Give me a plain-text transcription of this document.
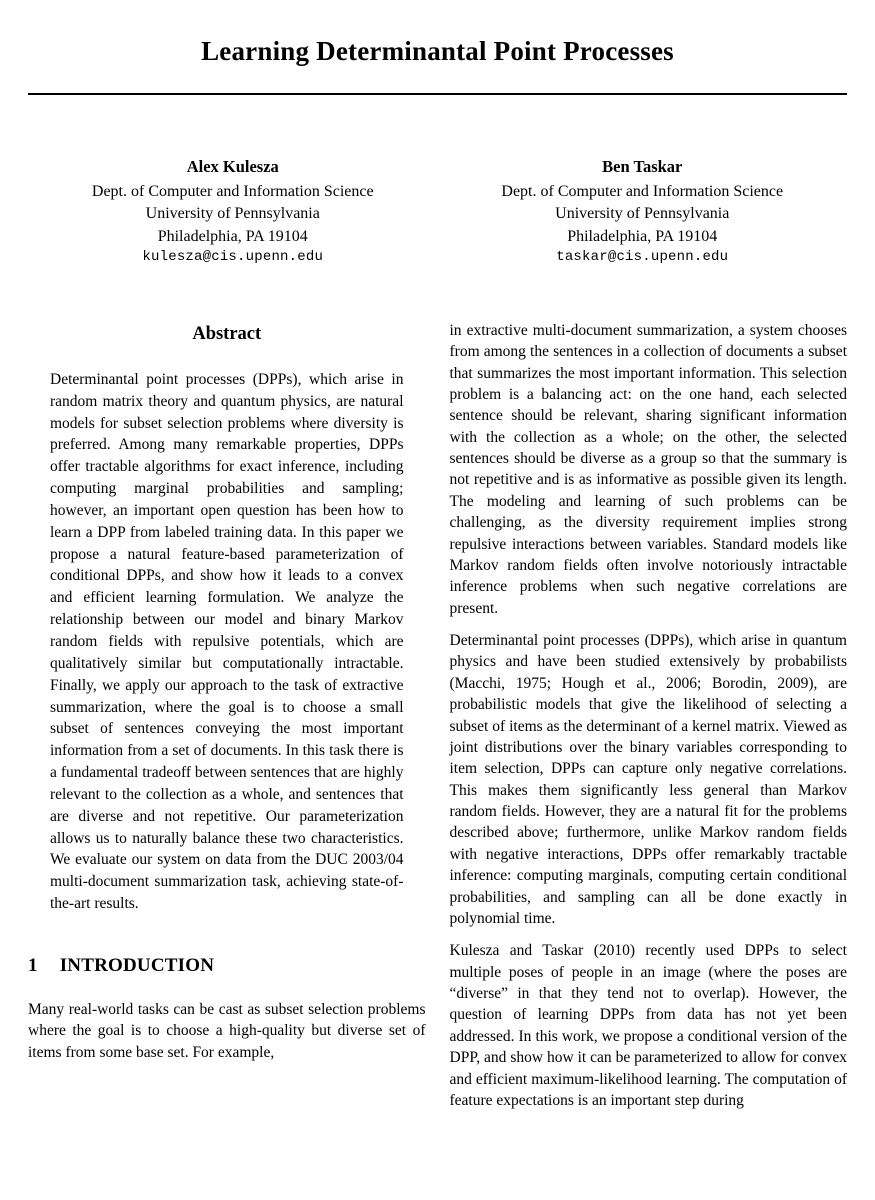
Learning Determinantal Point Processes
Alex Kulesza
Dept. of Computer and Information Science
University of Pennsylvania
Philadelphia, PA 19104
kulesza@cis.upenn.edu
Ben Taskar
Dept. of Computer and Information Science
University of Pennsylvania
Philadelphia, PA 19104
taskar@cis.upenn.edu
Abstract

Determinantal point processes (DPPs), which arise in random matrix theory and quantum physics, are natural models for subset selection problems where diversity is preferred. Among many remarkable properties, DPPs offer tractable algorithms for exact inference, including computing marginal probabilities and sampling; however, an important open question has been how to learn a DPP from labeled training data. In this paper we propose a natural feature-based parameterization of conditional DPPs, and show how it leads to a convex and efficient learning formulation. We analyze the relationship between our model and binary Markov random fields with repulsive potentials, which are qualitatively similar but computationally intractable. Finally, we apply our approach to the task of extractive summarization, where the goal is to choose a small subset of sentences conveying the most important information from a set of documents. In this task there is a fundamental tradeoff between sentences that are highly relevant to the collection as a whole, and sentences that are diverse and not repetitive. Our parameterization allows us to naturally balance these two characteristics. We evaluate our system on data from the DUC 2003/04 multi-document summarization task, achieving state-of-the-art results.

1 INTRODUCTION

Many real-world tasks can be cast as subset selection problems where the goal is to choose a high-quality but diverse set of items from some base set. For example,

in extractive multi-document summarization, a system chooses from among the sentences in a collection of documents a subset that summarizes the most important information. This selection problem is a balancing act: on the one hand, each selected sentence should be relevant, sharing significant information with the collection as a whole; on the other, the selected sentences should be diverse as a group so that the summary is not repetitive and is as informative as possible given its length. The modeling and learning of such problems can be challenging, as the diversity requirement implies strong repulsive interactions between variables. Standard models like Markov random fields often involve notoriously intractable inference problems when such negative correlations are present.

Determinantal point processes (DPPs), which arise in quantum physics and have been studied extensively by probabilists (Macchi, 1975; Hough et al., 2006; Borodin, 2009), are probabilistic models that give the likelihood of selecting a subset of items as the determinant of a kernel matrix. Viewed as joint distributions over the binary variables corresponding to item selection, DPPs can capture only negative correlations. This makes them significantly less general than Markov random fields. However, they are a natural fit for the problems described above; furthermore, unlike Markov random fields with negative interactions, DPPs offer remarkably tractable inference: computing marginals, computing certain conditional probabilities, and sampling can all be done exactly in polynomial time.

Kulesza and Taskar (2010) recently used DPPs to select multiple poses of people in an image (where the poses are “diverse” in that they tend not to overlap). However, the question of learning DPPs from data has not yet been addressed. In this work, we propose a conditional version of the DPP, and show how it can be parameterized to allow for convex and efficient maximum-likelihood learning. The computation of feature expectations is an important step during
